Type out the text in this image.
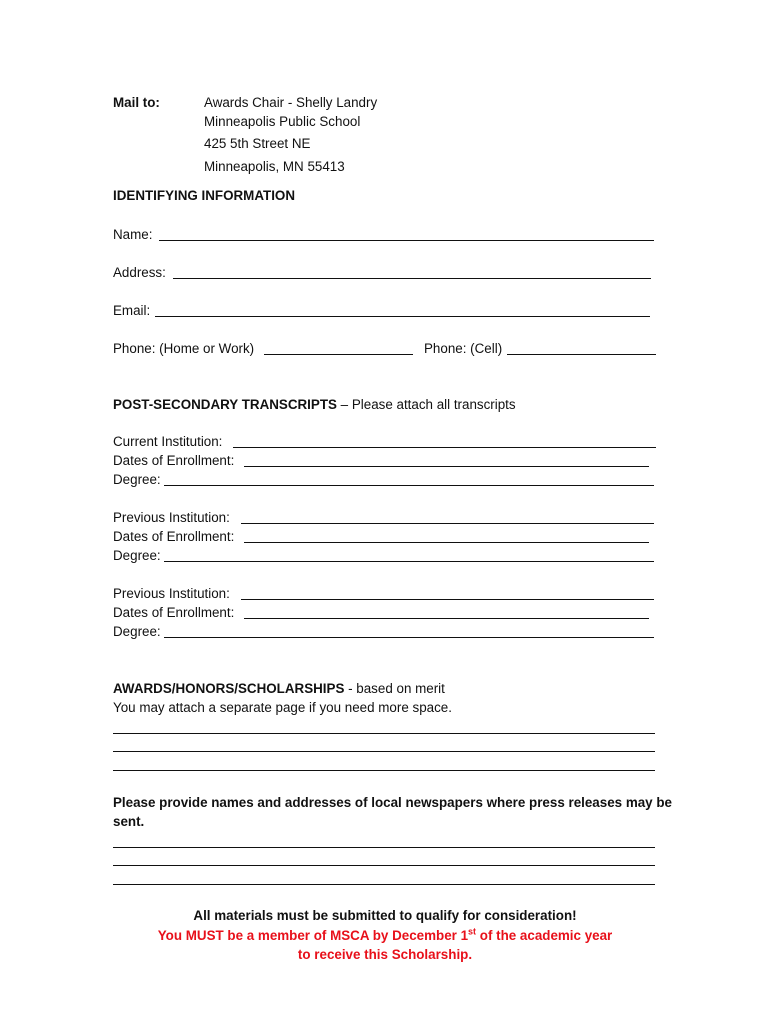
Mail to:	Awards Chair - Shelly Landry
Minneapolis Public School
425 5th Street NE
Minneapolis, MN 55413
IDENTIFYING INFORMATION
Name:
Address:
Email:
Phone: (Home or Work)	Phone: (Cell)
POST-SECONDARY TRANSCRIPTS – Please attach all transcripts
Current Institution:
Dates of Enrollment:
Degree:
Previous Institution:
Dates of Enrollment:
Degree:
Previous Institution:
Dates of Enrollment:
Degree:
AWARDS/HONORS/SCHOLARSHIPS - based on merit
You may attach a separate page if you need more space.
Please provide names and addresses of local newspapers where press releases may be
sent.
All materials must be submitted to qualify for consideration!
You MUST be a member of MSCA by December 1st of the academic year
to receive this Scholarship.
